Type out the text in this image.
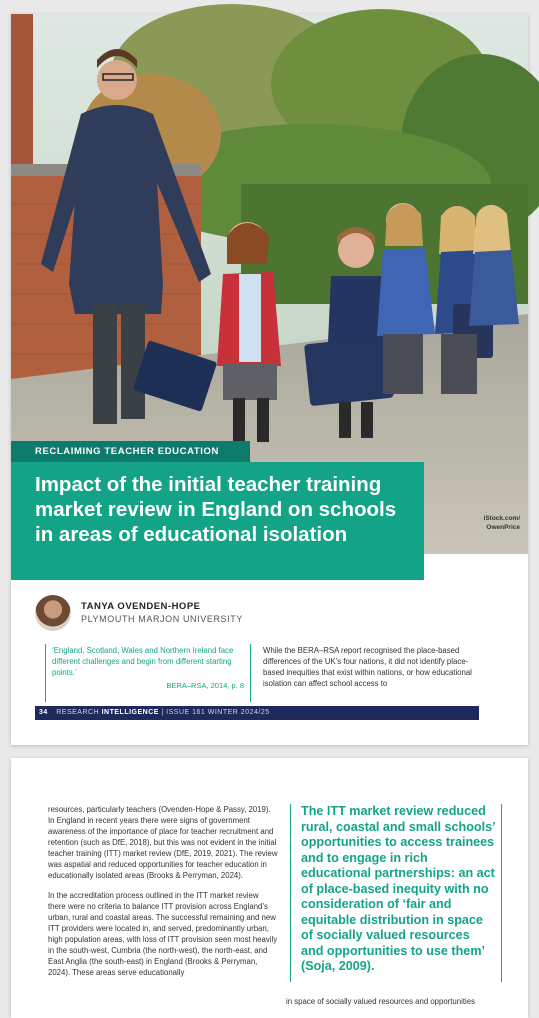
iStock.com/
OwenPrice
RECLAIMING TEACHER EDUCATION
Impact of the initial teacher training market review in England on schools in areas of educational isolation
TANYA OVENDEN-HOPE
PLYMOUTH MARJON UNIVERSITY
‘England, Scotland, Wales and Northern Ireland face different challenges and begin from different starting points.’
BERA–RSA, 2014, p. 8
While the BERA–RSA report recognised the place-based differences of the UK’s four nations, it did not identify place-based inequities that exist within nations, or how educational isolation can affect school access to
34 RESEARCH INTELLIGENCE | ISSUE 161 WINTER 2024/25

resources, particularly teachers (Ovenden-Hope & Passy, 2019). In England in recent years there were signs of government awareness of the importance of place for teacher recruitment and retention (such as DfE, 2018), but this was not evident in the initial teacher training (ITT) market review (DfE, 2019, 2021). The review was aspatial and reduced opportunities for teacher education in educationally isolated areas (Brooks & Perryman, 2024).

In the accreditation process outlined in the ITT market review there were no criteria to balance ITT provision across England’s urban, rural and coastal areas. The successful remaining and new ITT providers were located in, and served, predominantly urban, high population areas, with loss of ITT provision seen most heavily in the south-west, Cumbria (the north-west), the north-east, and East Anglia (the south-east) in England (Brooks & Perryman, 2024). These areas serve educationally

The ITT market review reduced rural, coastal and small schools’ opportunities to access trainees and to engage in rich educational partnerships: an act of place-based inequity with no consideration of ‘fair and equitable distribution in space of socially valued resources and opportunities to use them’ (Soja, 2009).
in space of socially valued resources and opportunities
